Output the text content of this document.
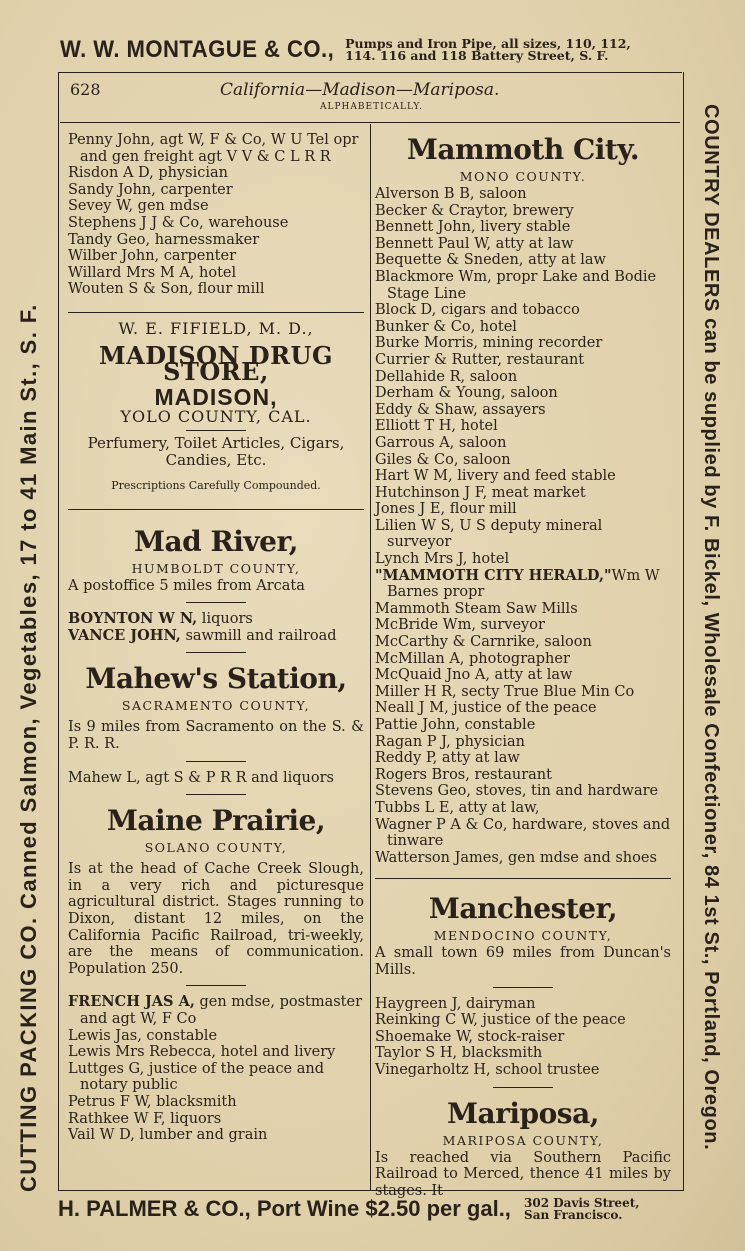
W. W. MONTAGUE & CO., Pumps and Iron Pipe, all sizes, 110, 112,
114. 116 and 118 Battery Street, S. F.
CUTTING PACKING CO. Canned Salmon, Vegetables, 17 to 41 Main St., S. F.	COUNTRY DEALERS can be supplied by F. Bickel, Wholesale Confectioner, 84 1st St., Portland, Oregon.
628	California—Madison—Mariposa.
ALPHABETICALLY.
Penny John, agt W, F & Co, W U Tel opr and gen freight agt V V & C L R R
Risdon A D, physician
Sandy John, carpenter
Sevey W, gen mdse
Stephens J J & Co, warehouse
Tandy Geo, harnessmaker
Wilber John, carpenter
Willard Mrs M A, hotel
Wouten S & Son, flour mill
W. E. FIFIELD, M. D.,
MADISON DRUG STORE,
MADISON,
YOLO COUNTY, CAL.
Perfumery, Toilet Articles, Cigars, Candies, Etc.
Prescriptions Carefully Compounded.
Mad River,
HUMBOLDT COUNTY,
A postoffice 5 miles from Arcata
BOYNTON W N, liquors
VANCE JOHN, sawmill and railroad
Mahew's Station,
SACRAMENTO COUNTY,
Is 9 miles from Sacramento on the S. & P. R. R.
Mahew L, agt S & P R R and liquors
Maine Prairie,
SOLANO COUNTY,
Is at the head of Cache Creek Slough, in a very rich and picturesque agricultural district. Stages running to Dixon, distant 12 miles, on the California Pacific Railroad, tri-weekly, are the means of communication. Population 250.
FRENCH JAS A, gen mdse, postmaster and agt W, F Co
Lewis Jas, constable
Lewis Mrs Rebecca, hotel and livery
Luttges G, justice of the peace and notary public
Petrus F W, blacksmith
Rathkee W F, liquors
Vail W D, lumber and grain
Mammoth City.
MONO COUNTY.
Alverson B B, saloon
Becker & Craytor, brewery
Bennett John, livery stable
Bennett Paul W, atty at law
Bequette & Sneden, atty at law
Blackmore Wm, propr Lake and Bodie Stage Line
Block D, cigars and tobacco
Bunker & Co, hotel
Burke Morris, mining recorder
Currier & Rutter, restaurant
Dellahide R, saloon
Derham & Young, saloon
Eddy & Shaw, assayers
Elliott T H, hotel
Garrous A, saloon
Giles & Co, saloon
Hart W M, livery and feed stable
Hutchinson J F, meat market
Jones J E, flour mill
Lilien W S, U S deputy mineral surveyor
Lynch Mrs J, hotel
"MAMMOTH CITY HERALD,"Wm W Barnes propr
Mammoth Steam Saw Mills
McBride Wm, surveyor
McCarthy & Carnrike, saloon
McMillan A, photographer
McQuaid Jno A, atty at law
Miller H R, secty True Blue Min Co
Neall J M, justice of the peace
Pattie John, constable
Ragan P J, physician
Reddy P, atty at law
Rogers Bros, restaurant
Stevens Geo, stoves, tin and hardware
Tubbs L E, atty at law,
Wagner P A & Co, hardware, stoves and tinware
Watterson James, gen mdse and shoes
Manchester,
MENDOCINO COUNTY,
A small town 69 miles from Duncan's Mills.
Haygreen J, dairyman
Reinking C W, justice of the peace
Shoemake W, stock-raiser
Taylor S H, blacksmith
Vinegarholtz H, school trustee
Mariposa,
MARIPOSA COUNTY,
Is reached via Southern Pacific Railroad to Merced, thence 41 miles by stages. It
H. PALMER & CO., Port Wine $2.50 per gal., 302 Davis Street,
San Francisco.
